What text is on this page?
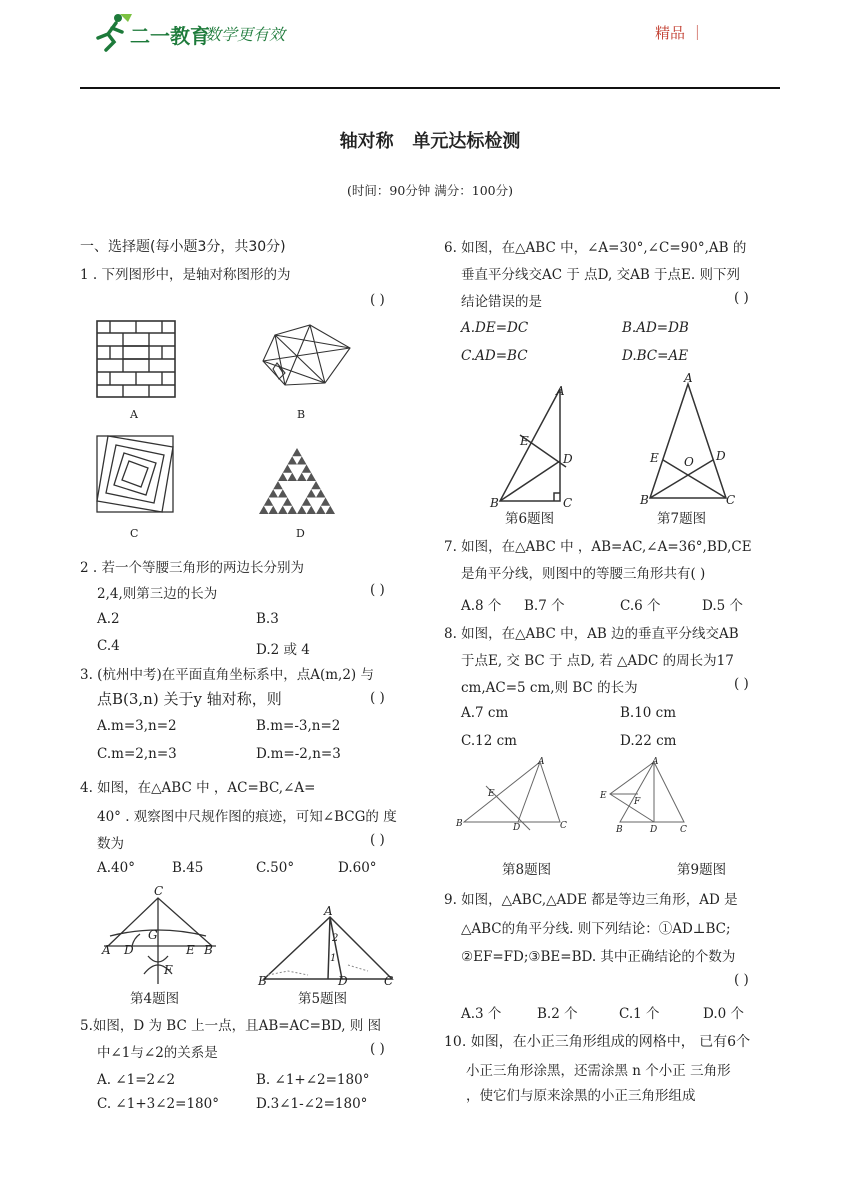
二一教育
数学更有效	精品 ｜
轴对称   单元达标检测
(时间：90分钟 满分：100分)
一、选择题(每小题3分，共30分)
1 . 下列图形中，是轴对称图形的为
( )
A	B
C	D
2 . 若一个等腰三角形的两边长分别为
2,4,则第三边的长为	( )
A.2	B.3
C.4	D.2 或 4
3. (杭州中考)在平面直角坐标系中，点A(m,2) 与
点B(3,n) 关于y 轴对称，则	( )
A.m=3,n=2	B.m=-3,n=2
C.m=2,n=3	D.m=-2,n=3
4. 如图，在△ABC 中 ，AC=BC,∠A=
40° . 观察图中尺规作图的痕迹，可知∠BCG的 度
数为	( )
A.40°	B.45	C.50°	D.60°
C
G
A D	E B
F
第4题图
A
2
1
B	D	C
第5题图
5.如图，D 为 BC 上一点，且AB=AC=BD, 则 图
中∠1与∠2的关系是	( )
A. ∠1=2∠2	B. ∠1+∠2=180°
C. ∠1+3∠2=180°	D.3∠1-∠2=180°
6. 如图，在△ABC 中，∠A=30°,∠C=90°,AB 的
垂直平分线交AC 于 点D, 交AB 于点E. 则下列
结论错误的是	( )
A.DE=DC	B.AD=DB
C.AD=BC	D.BC=AE
A
E
D
B	C
第6题图
A
E O D
B	C
第7题图
7. 如图，在△ABC 中 ，AB=AC,∠A=36°,BD,CE
是角平分线，则图中的等腰三角形共有( )
A.8 个 B.7 个	C.6 个	D.5 个
8. 如图，在△ABC 中，AB 边的垂直平分线交AB
于点E, 交 BC 于 点D, 若 △ADC 的周长为17
cm,AC=5 cm,则 BC 的长为	( )
A.7 cm	B.10 cm
C.12 cm	D.22 cm
A
E
B	D	C
第8题图
A
E
F
B	D	C
第9题图
9. 如图，△ABC,△ADE 都是等边三角形，AD 是
△ABC的角平分线. 则下列结论：①AD⊥BC;
②EF=FD;③BE=BD. 其中正确结论的个数为
( )
A.3 个	B.2 个	C.1 个	D.0 个
10. 如图，在小正三角形组成的网格中， 已有6个
小正三角形涂黑，还需涂黑 n 个小正 三角形
，使它们与原来涂黑的小正三角形组成
